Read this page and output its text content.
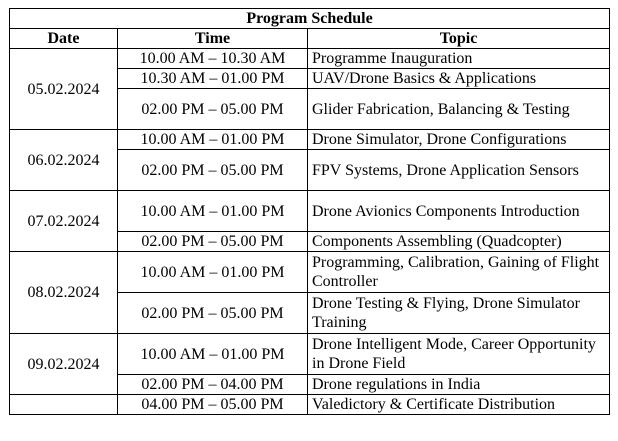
Program Schedule		
Date	Time	Topic
05.02.2024	10.00 AM – 10.30 AM	Programme Inauguration
	10.30 AM – 01.00 PM	UAV/Drone Basics & Applications
	02.00 PM – 05.00 PM	Glider Fabrication, Balancing & Testing
06.02.2024	10.00 AM – 01.00 PM	Drone Simulator, Drone Configurations
	02.00 PM – 05.00 PM	FPV Systems, Drone Application Sensors
07.02.2024	10.00 AM – 01.00 PM	Drone Avionics Components Introduction
	02.00 PM – 05.00 PM	Components Assembling (Quadcopter)
08.02.2024	10.00 AM – 01.00 PM	Programming, Calibration, Gaining of Flight Controller
	02.00 PM – 05.00 PM	Drone Testing & Flying, Drone Simulator Training
09.02.2024	10.00 AM – 01.00 PM	Drone Intelligent Mode, Career Opportunity in Drone Field
	02.00 PM – 04.00 PM	Drone regulations in India
	04.00 PM – 05.00 PM	Valedictory & Certificate Distribution
